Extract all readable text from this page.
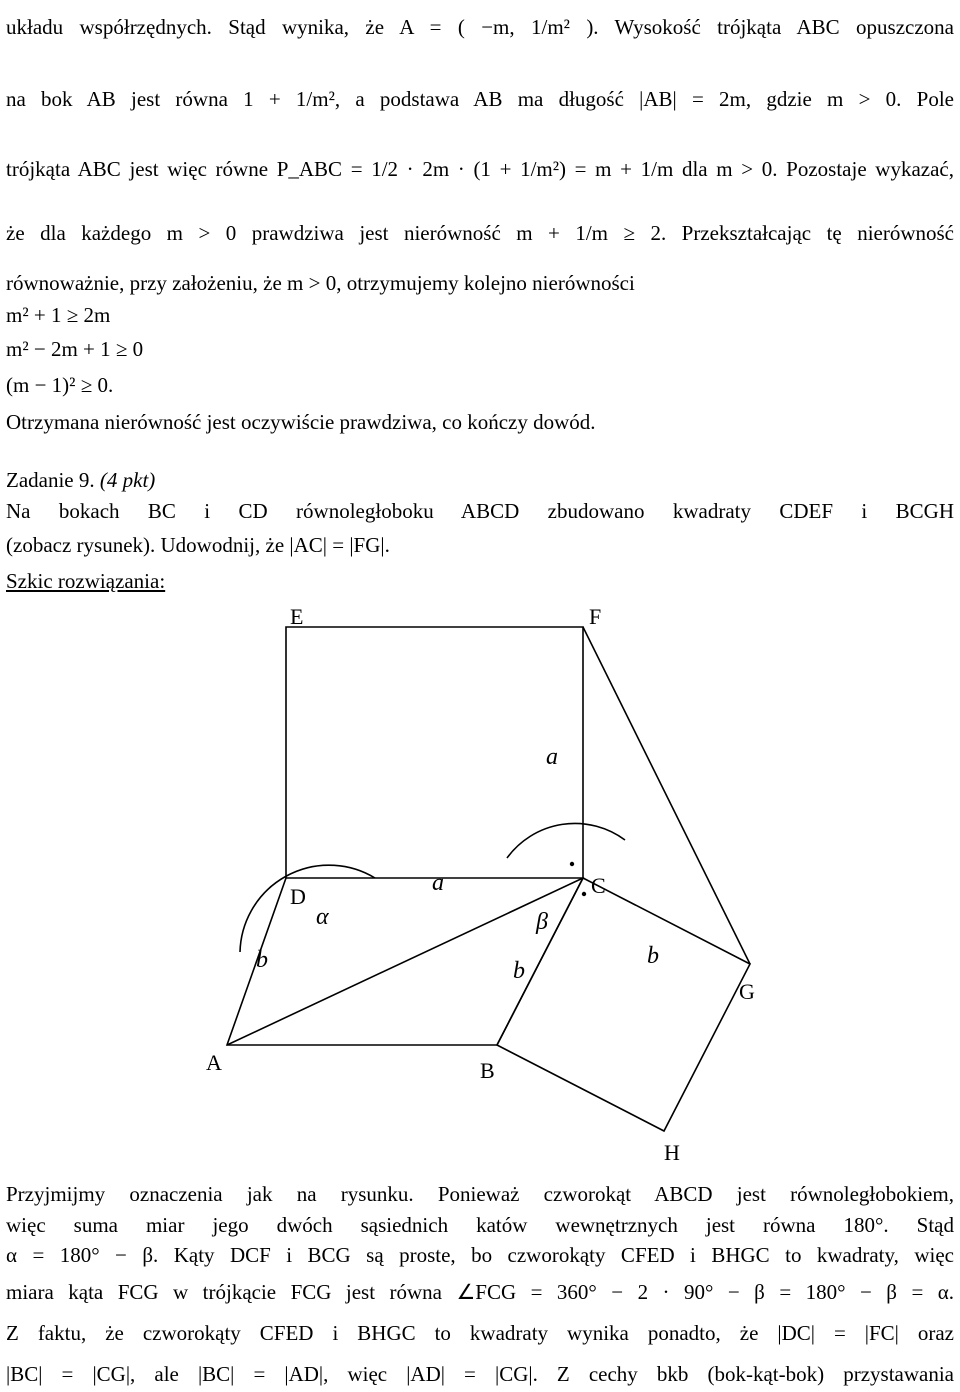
układu współrzędnych. Stąd wynika, że A = ( −m, 1/m² ). Wysokość trójkąta ABC opuszczona
na bok AB jest równa 1 + 1/m², a podstawa AB ma długość |AB| = 2m, gdzie m > 0. Pole
trójkąta ABC jest więc równe P_ABC = 1/2 · 2m · (1 + 1/m²) = m + 1/m dla m > 0. Pozostaje wykazać,
że dla każdego m > 0 prawdziwa jest nierówność m + 1/m ≥ 2. Przekształcając tę nierówność
równoważnie, przy założeniu, że m > 0, otrzymujemy kolejno nierówności
m² + 1 ≥ 2m
m² − 2m + 1 ≥ 0
(m − 1)² ≥ 0.
Otrzymana nierówność jest oczywiście prawdziwa, co kończy dowód.
Zadanie 9. (4 pkt)
Na bokach BC i CD równoległoboku ABCD zbudowano kwadraty CDEF i BCGH
(zobacz rysunek). Udowodnij, że |AC| = |FG|.
Szkic rozwiązania:
E	F
D	C
A	B
G
H
a
a
b	b
b
α	β
Przyjmijmy oznaczenia jak na rysunku. Ponieważ czworokąt ABCD jest równoległobokiem,
więc suma miar jego dwóch sąsiednich katów wewnętrznych jest równa 180°. Stąd
α = 180° − β. Kąty DCF i BCG są proste, bo czworokąty CFED i BHGC to kwadraty, więc
miara kąta FCG w trójkącie FCG jest równa ∠FCG = 360° − 2 · 90° − β = 180° − β = α.
Z faktu, że czworokąty CFED i BHGC to kwadraty wynika ponadto, że |DC| = |FC| oraz
|BC| = |CG|, ale |BC| = |AD|, więc |AD| = |CG|. Z cechy bkb (bok-kąt-bok) przystawania
